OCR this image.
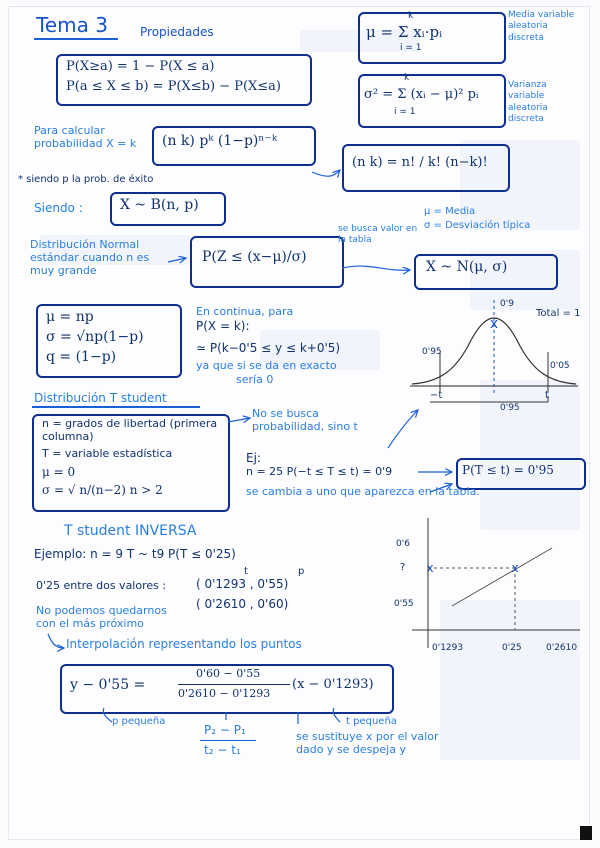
Tema 3	Propiedades
P(X≥a) = 1 − P(X ≤ a)
P(a ≤ X ≤ b) = P(X≤b) − P(X≤a)
k
μ = Σ xᵢ·pᵢ
i = 1
Media variable aleatoria discreta
k
σ² = Σ (xᵢ − μ)² pᵢ
i = 1
Varianza variable aleatoria discreta
Para calcular probabilidad X = k	(n k) pᵏ (1−p)ⁿ⁻ᵏ
(n k) = n! / k! (n−k)!
* siendo p la prob. de éxito
Siendo :	X ~ B(n, p)	μ = Media
σ = Desviación típica
Distribución Normal estándar cuando n es muy grande
P(Z ≤ (x−μ)/σ)
se busca valor en la tabla
X ~ N(μ, σ)
μ = np
σ = √np(1−p)
q = (1−p)
En continua, para
P(X = k):
≃ P(k−0'5 ≤ y ≤ k+0'5)
ya que si se da en exacto
sería 0
x
Total = 1
0'95
0'05
0'9
−t	t
0'95
Distribución T student
n = grados de libertad (primera columna)
T = variable estadística
μ = 0
σ = √ n/(n−2) n > 2
No se busca probabilidad, sino t
Ej:
n = 25 P(−t ≤ T ≤ t) = 0'9	P(T ≤ t) = 0'95
se cambia a uno que aparezca en la tabla.
T student INVERSA
Ejemplo: n = 9 T ~ t9 P(T ≤ 0'25)
t	p
0'25 entre dos valores : ( 0'1293 , 0'55)
( 0'2610 , 0'60)
No podemos quedarnos con el más próximo
Interpolación representando los puntos
y − 0'55 =
0'60 − 0'55
0'2610 − 0'1293
(x − 0'1293)
p pequeña	t pequeña
P₂ − P₁
t₂ − t₁
se sustituye x por el valor dado y se despeja y
x
x
0'6
?
0'55
0'1293	0'25	0'2610
